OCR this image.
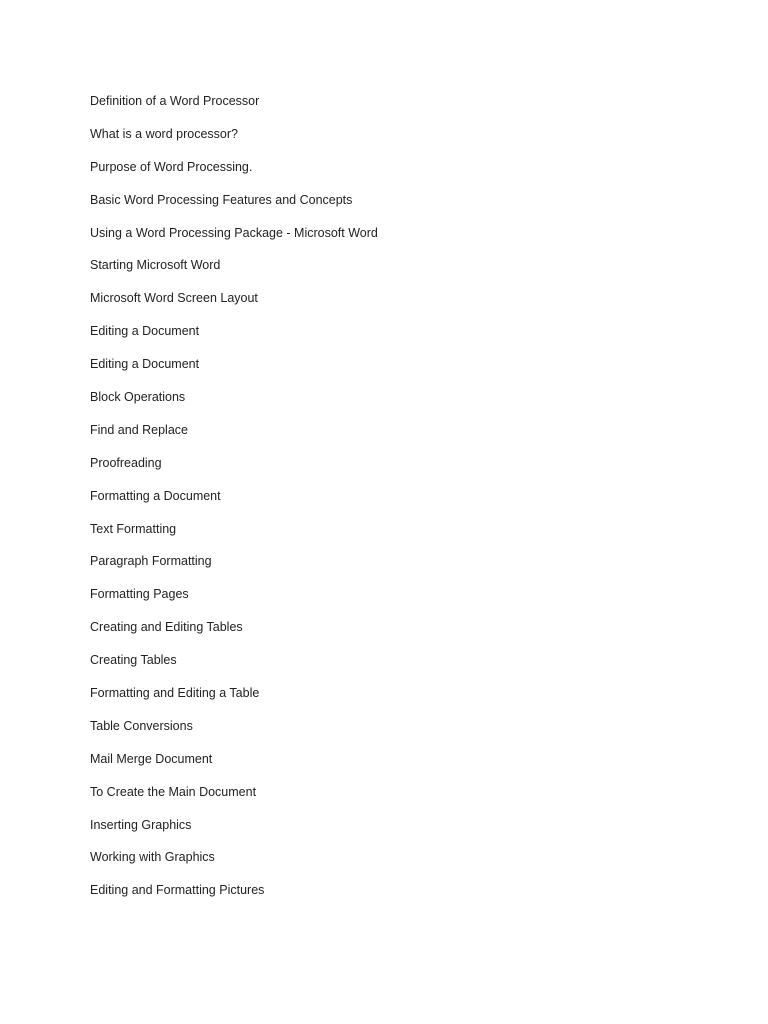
Definition of a Word Processor
What is a word processor?
Purpose of Word Processing.
Basic Word Processing Features and Concepts
Using a Word Processing Package - Microsoft Word
Starting Microsoft Word
Microsoft Word Screen Layout
Editing a Document
Editing a Document
Block Operations
Find and Replace
Proofreading
Formatting a Document
Text Formatting
Paragraph Formatting
Formatting Pages
Creating and Editing Tables
Creating Tables
Formatting and Editing a Table
Table Conversions
Mail Merge Document
To Create the Main Document
Inserting Graphics
Working with Graphics
Editing and Formatting Pictures
